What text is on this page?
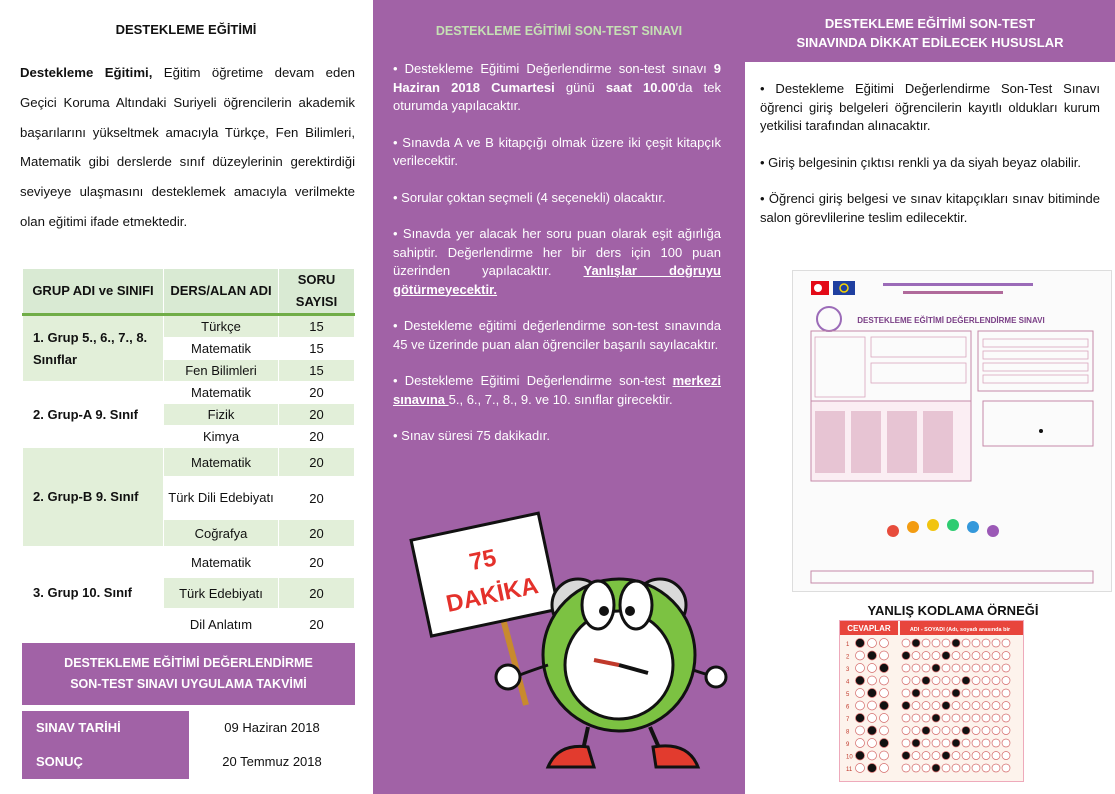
DESTEKLEME EĞİTİMİ
Destekleme Eğitimi, Eğitim öğretime devam eden Geçici Koruma Altındaki Suriyeli öğrencilerin akademik başarılarını yükseltmek amacıyla Türkçe, Fen Bilimleri, Matematik gibi derslerde sınıf düzeylerinin gerektirdiği seviyeye ulaşmasını desteklemek amacıyla verilmekte olan eğitimi ifade etmektedir.
GRUP ADI ve SINIFI	DERS/ALAN ADI	SORU SAYISI
1. Grup 5., 6., 7., 8. Sınıflar	Türkçe	15
	Matematik	15
	Fen Bilimleri	15
2. Grup-A 9. Sınıf	Matematik	20
	Fizik	20
	Kimya	20
2. Grup-B 9. Sınıf	Matematik	20
	Türk Dili Edebiyatı	20
	Coğrafya	20
3. Grup 10. Sınıf	Matematik	20
	Türk Edebiyatı	20
	Dil Anlatım	20
DESTEKLEME EĞİTİMİ DEĞERLENDİRME
SON-TEST SINAVI UYGULAMA TAKVİMİ
SINAV TARİHİ	09 Haziran 2018
SONUÇ	20 Temmuz 2018
DESTEKLEME EĞİTİMİ SON-TEST SINAVI

• Destekleme Eğitimi Değerlendirme son-test sınavı 9 Haziran 2018 Cumartesi günü saat 10.00'da tek oturumda yapılacaktır.

• Sınavda A ve B kitapçığı olmak üzere iki çeşit kitapçık verilecektir.

• Sorular çoktan seçmeli (4 seçenekli) olacaktır.

• Sınavda yer alacak her soru puan olarak eşit ağırlığa sahiptir. Değerlendirme her bir ders için 100 puan üzerinden yapılacaktır. Yanlışlar doğruyu götürmeyecektir.

• Destekleme eğitimi değerlendirme son-test sınavında 45 ve üzerinde puan alan öğrenciler başarılı sayılacaktır.

• Destekleme Eğitimi Değerlendirme son-test merkezi sınavına 5., 6., 7., 8., 9. ve 10. sınıflar girecektir.

• Sınav süresi 75 dakikadır.

75
DAKİKA
DESTEKLEME EĞİTİMİ SON-TEST
SINAVINDA DİKKAT EDİLECEK HUSUSLAR

• Destekleme Eğitimi Değerlendirme Son-Test Sınavı öğrenci giriş belgeleri öğrencilerin kayıtlı oldukları kurum yetkilisi tarafından alınacaktır.

• Giriş belgesinin çıktısı renkli ya da siyah beyaz olabilir.

• Öğrenci giriş belgesi ve sınav kitapçıkları sınav bitiminde salon görevlilerine teslim edilecektir.

DESTEKLEME EĞİTİMİ DEĞERLENDİRME SINAVI
YANLIŞ KODLAMA ÖRNEĞİ
CEVAPLAR	ADI - SOYADI (Adı, soyadı arasında bir
1
2
3
4
5
6
7
8
9
10
11
